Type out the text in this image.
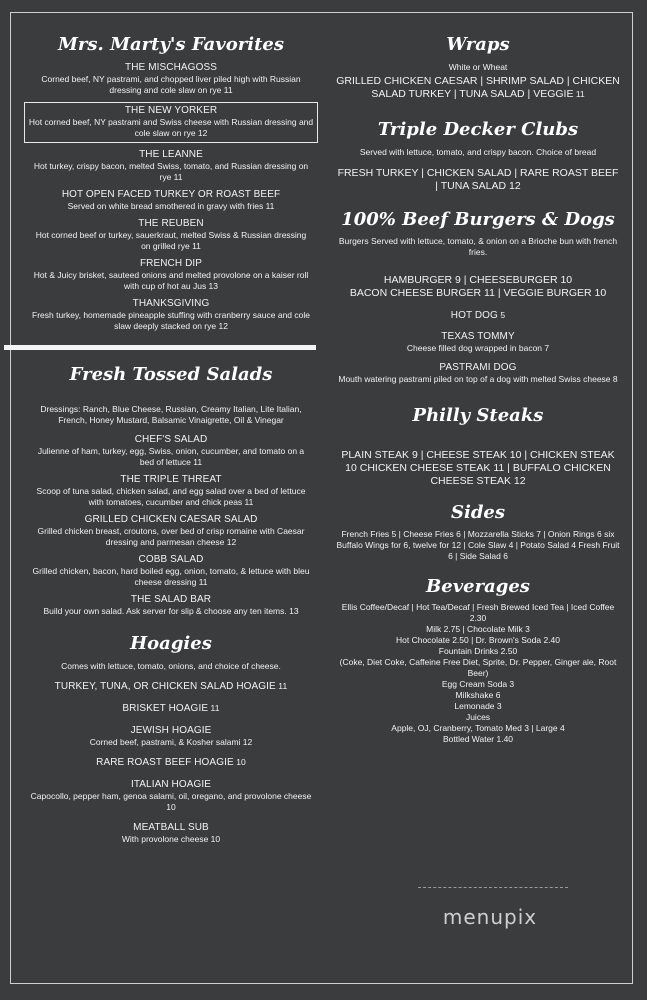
Mrs. Marty's Favorites
THE MISCHAGOSS
Corned beef, NY pastrami, and chopped liver piled high with Russian dressing and cole slaw on rye 11
THE NEW YORKER
Hot corned beef, NY pastrami and Swiss cheese with Russian dressing and cole slaw on rye 12
THE LEANNE
Hot turkey, crispy bacon, melted Swiss, tomato, and Russian dressing on rye 11
HOT OPEN FACED TURKEY OR ROAST BEEF
Served on white bread smothered in gravy with fries 11
THE REUBEN
Hot corned beef or turkey, sauerkraut, melted Swiss & Russian dressing on grilled rye 11
FRENCH DIP
Hot & Juicy brisket, sauteed onions and melted provolone on a kaiser roll with cup of hot au Jus 13
THANKSGIVING
Fresh turkey, homemade pineapple stuffing with cranberry sauce and cole slaw deeply stacked on rye 12
Fresh Tossed Salads
Dressings: Ranch, Blue Cheese, Russian, Creamy Italian, Lite Italian, French, Honey Mustard, Balsamic Vinaigrette, Oil & Vinegar
CHEF'S SALAD
Julienne of ham, turkey, egg, Swiss, onion, cucumber, and tomato on a bed of lettuce 11
THE TRIPLE THREAT
Scoop of tuna salad, chicken salad, and egg salad over a bed of lettuce with tomatoes, cucumber and chick peas 11
GRILLED CHICKEN CAESAR SALAD
Grilled chicken breast, croutons, over bed of crisp romaine with Caesar dressing and parmesan cheese 12
COBB SALAD
Grilled chicken, bacon, hard boiled egg, onion, tomato, & lettuce with bleu cheese dressing 11
THE SALAD BAR
Build your own salad. Ask server for slip & choose any ten items. 13
Hoagies
Comes with lettuce, tomato, onions, and choice of cheese.
TURKEY, TUNA, OR CHICKEN SALAD HOAGIE 11
BRISKET HOAGIE 11
JEWISH HOAGIE
Corned beef, pastrami, & Kosher salami 12
RARE ROAST BEEF HOAGIE 10
ITALIAN HOAGIE
Capocollo, pepper ham, genoa salami, oil, oregano, and provolone cheese 10
MEATBALL SUB
With provolone cheese 10
Wraps
White or Wheat
GRILLED CHICKEN CAESAR | SHRIMP SALAD | CHICKEN SALAD TURKEY | TUNA SALAD | VEGGIE 11
Triple Decker Clubs
Served with lettuce, tomato, and crispy bacon. Choice of bread
FRESH TURKEY | CHICKEN SALAD | RARE ROAST BEEF | TUNA SALAD 12
100% Beef Burgers & Dogs
Burgers Served with lettuce, tomato, & onion on a Brioche bun with french fries.
HAMBURGER 9 | CHEESEBURGER 10
BACON CHEESE BURGER 11 | VEGGIE BURGER 10
HOT DOG 5
TEXAS TOMMY
Cheese filled dog wrapped in bacon 7
PASTRAMI DOG
Mouth watering pastrami piled on top of a dog with melted Swiss cheese 8
Philly Steaks
PLAIN STEAK 9 | CHEESE STEAK 10 | CHICKEN STEAK 10 CHICKEN CHEESE STEAK 11 | BUFFALO CHICKEN CHEESE STEAK 12
Sides
French Fries 5 | Cheese Fries 6 | Mozzarella Sticks 7 | Onion Rings 6 six Buffalo Wings for 6, twelve for 12 | Cole Slaw 4 | Potato Salad 4 Fresh Fruit 6 | Side Salad 6
Beverages
Ellis Coffee/Decaf | Hot Tea/Decaf | Fresh Brewed Iced Tea | Iced Coffee 2.30
Milk 2.75 | Chocolate Milk 3
Hot Chocolate 2.50 | Dr. Brown's Soda 2.40
Fountain Drinks 2.50
(Coke, Diet Coke, Caffeine Free Diet, Sprite, Dr. Pepper, Ginger ale, Root Beer)
Egg Cream Soda 3
Milkshake 6
Lemonade 3
Juices
Apple, OJ, Cranberry, Tomato Med 3 | Large 4
Bottled Water 1.40
menupix
